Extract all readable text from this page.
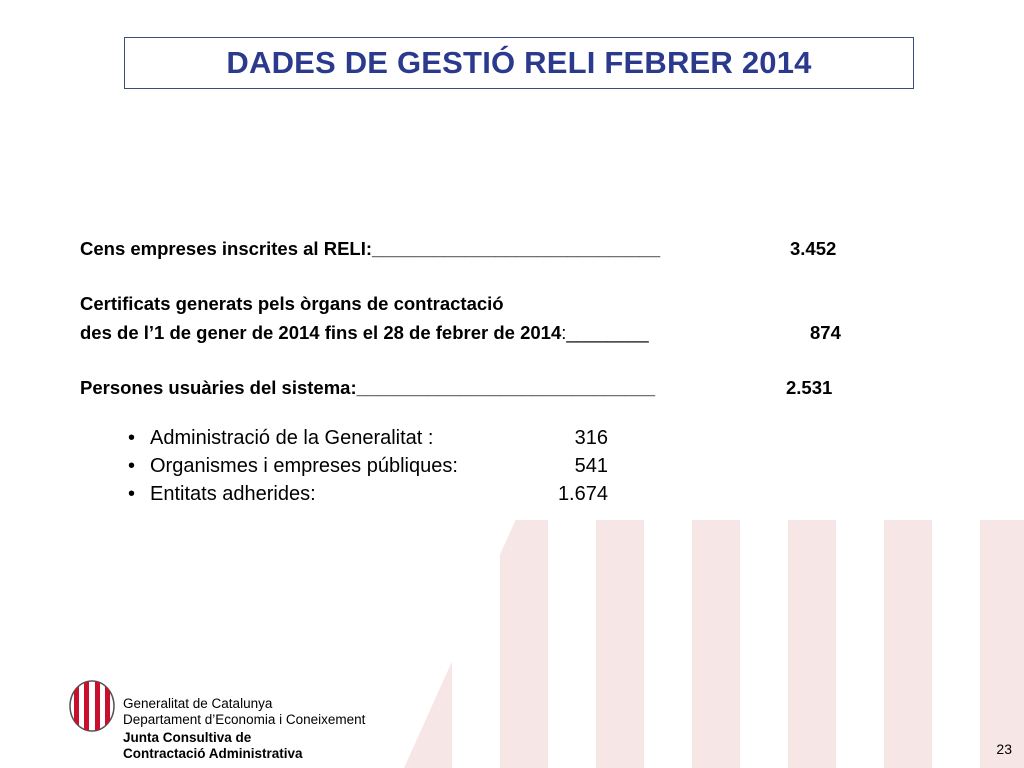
DADES DE GESTIÓ RELI FEBRER 2014
Cens empreses inscrites al RELI:____________________________	3.452
Certificats generats pels òrgans de contractació
des de l’1 de gener de 2014 fins el 28 de febrer de 2014:________	874
Persones usuàries del sistema:_____________________________	2.531
• Administració de la Generalitat :	316
• Organismes i empreses públiques:	541
• Entitats adherides:	1.674
Generalitat de Catalunya
Departament d’Economia i Coneixement
Junta Consultiva de
Contractació Administrativa	23
